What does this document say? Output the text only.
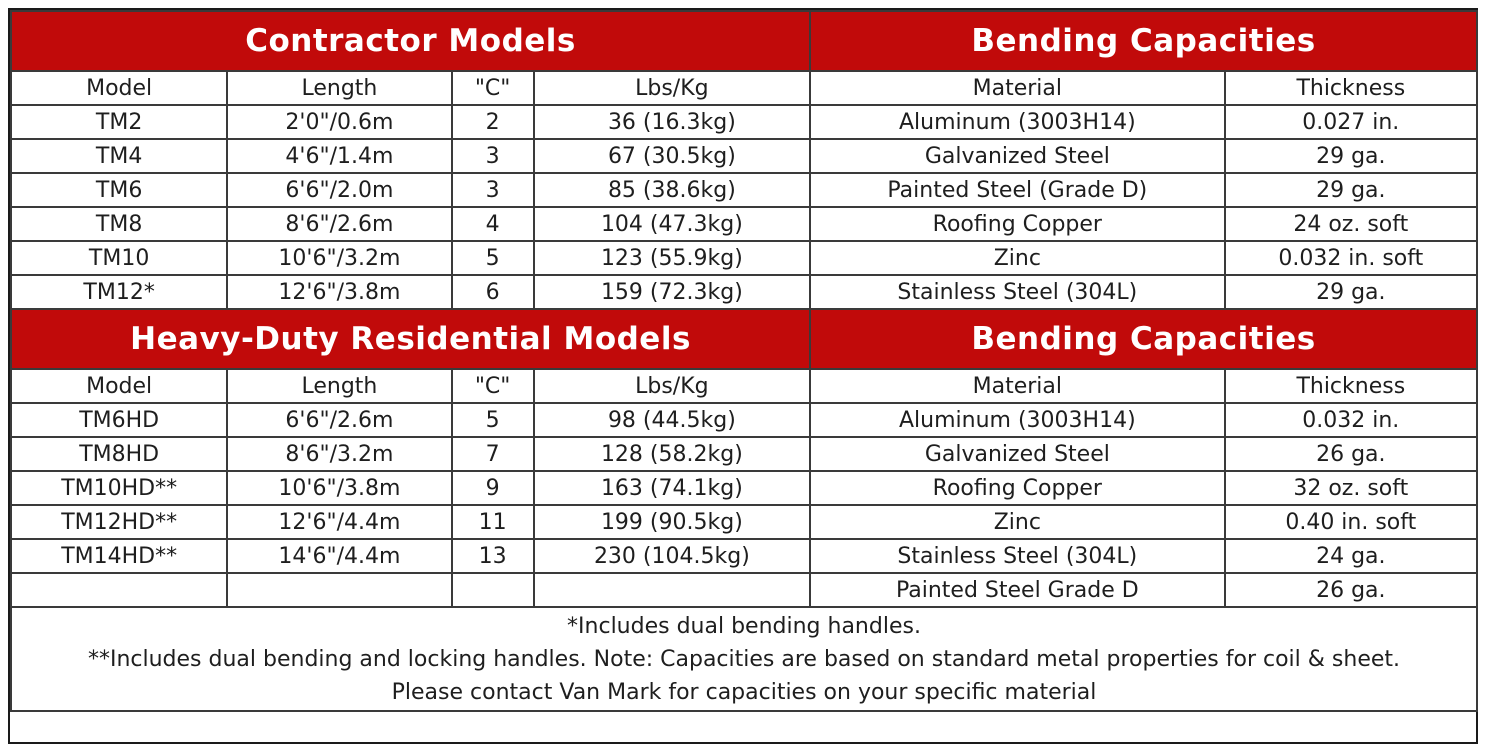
Contractor Models				Bending Capacities	
Model	Length	"C"	Lbs/Kg	Material	Thickness
TM2	2'0"/0.6m	2	36 (16.3kg)	Aluminum (3003H14)	0.027 in.
TM4	4'6"/1.4m	3	67 (30.5kg)	Galvanized Steel	29 ga.
TM6	6'6"/2.0m	3	85 (38.6kg)	Painted Steel (Grade D)	29 ga.
TM8	8'6"/2.6m	4	104 (47.3kg)	Roofing Copper	24 oz. soft
TM10	10'6"/3.2m	5	123 (55.9kg)	Zinc	0.032 in. soft
TM12*	12'6"/3.8m	6	159 (72.3kg)	Stainless Steel (304L)	29 ga.
Heavy-Duty Residential Models				Bending Capacities	
Model	Length	"C"	Lbs/Kg	Material	Thickness
TM6HD	6'6"/2.6m	5	98 (44.5kg)	Aluminum (3003H14)	0.032 in.
TM8HD	8'6"/3.2m	7	128 (58.2kg)	Galvanized Steel	26 ga.
TM10HD**	10'6"/3.8m	9	163 (74.1kg)	Roofing Copper	32 oz. soft
TM12HD**	12'6"/4.4m	11	199 (90.5kg)	Zinc	0.40 in. soft
TM14HD**	14'6"/4.4m	13	230 (104.5kg)	Stainless Steel (304L)	24 ga.
				Painted Steel Grade D	26 ga.

*Includes dual bending handles.
**Includes dual bending and locking handles. Note: Capacities are based on standard metal properties for coil & sheet.
Please contact Van Mark for capacities on your specific material					
